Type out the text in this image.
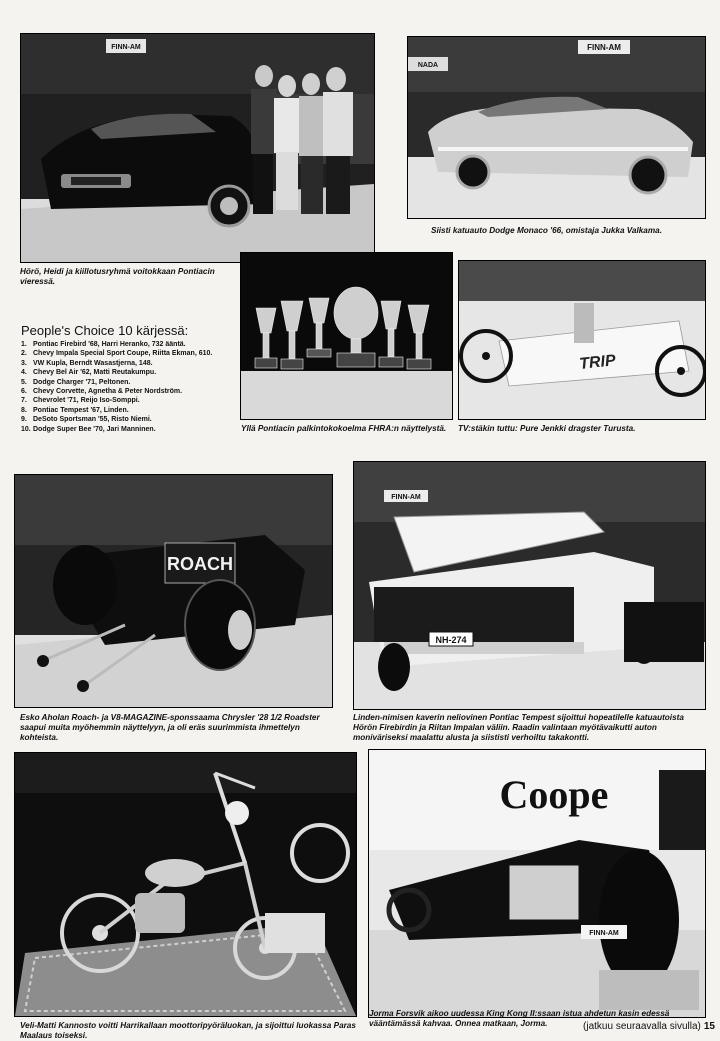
FINN-AM	FINN-AM
NADA

Siisti katuauto Dodge Monaco '66, omistaja Jukka Valkama.

Hörö, Heidi ja kiillotusryhmä voitokkaan Pontiacin vieressä.

TRIP
People's Choice 10 kärjessä:
1. Pontiac Firebird '68, Harri Heranko, 732 ääntä.
2. Chevy Impala Special Sport Coupe, Riitta Ekman, 610.
3. VW Kupla, Berndt Wasastjerna, 148.
4. Chevy Bel Air '62, Matti Reutakumpu.
5. Dodge Charger '71, Peltonen.
6. Chevy Corvette, Agnetha & Peter Nordström.
7. Chevrolet '71, Reijo Iso-Somppi.
8. Pontiac Tempest '67, Linden.
9. DeSoto Sportsman '55, Risto Niemi.
10. Dodge Super Bee '70, Jari Manninen.	Yllä Pontiacin palkintokokoelma FHRA:n näyttelystä. TV:stäkin tuttu: Pure Jenkki dragster Turusta.

ROACH

Esko Aholan Roach- ja V8-MAGAZINE-sponssaama Chrysler '28 1/2 Roadster saapui muita myöhemmin näyttelyyn, ja oli eräs suurimmista ihmettelyn kohteista.

FINN-AM
NH-274

Linden-nimisen kaverin neliovinen Pontiac Tempest sijoittui hopeatilelle katuautoista Hörön Firebirdin ja Riitan Impalan väliin. Raadin valintaan myötävaikutti auton moniväriseksi maalattu alusta ja siististi verhoiltu takakontti.

Veli-Matti Kannosto voitti Harrikallaan moottoripyöräluokan, ja sijoittui luokassa Paras Maalaus toiseksi.

Coope
FINN-AM

Jorma Forsvik aikoo uudessa King Kong II:ssaan istua ahdetun kasin edessä vääntämässä kahvaa. Onnea matkaan, Jorma.	(jatkuu seuraavalla sivulla) 15
